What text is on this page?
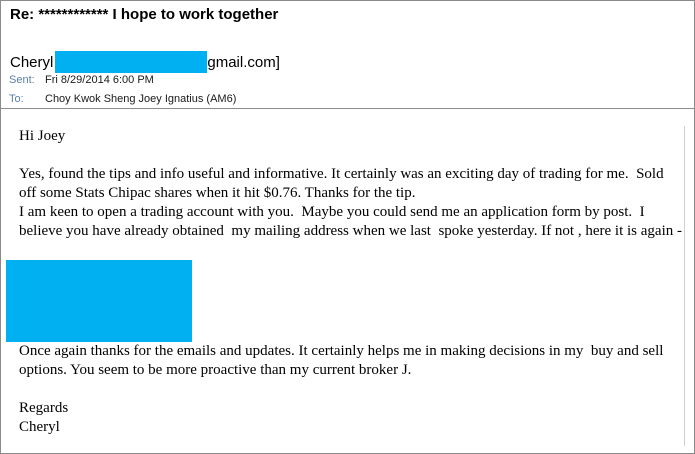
Re: ************ I hope to work together
Cheryl	gmail.com]
Sent: Fri 8/29/2014 6:00 PM
To: Choy Kwok Sheng Joey Ignatius (AM6)

Hi Joey

Yes, found the tips and info useful and informative. It certainly was an exciting day of trading for me.  Sold off some Stats Chipac shares when it hit $0.76. Thanks for the tip.

I am keen to open a trading account with you.  Maybe you could send me an application form by post.  I believe you have already obtained  my mailing address when we last  spoke yesterday. If not , here it is again -

Once again thanks for the emails and updates. It certainly helps me in making decisions in my  buy and sell options. You seem to be more proactive than my current broker J.

Regards

Cheryl
